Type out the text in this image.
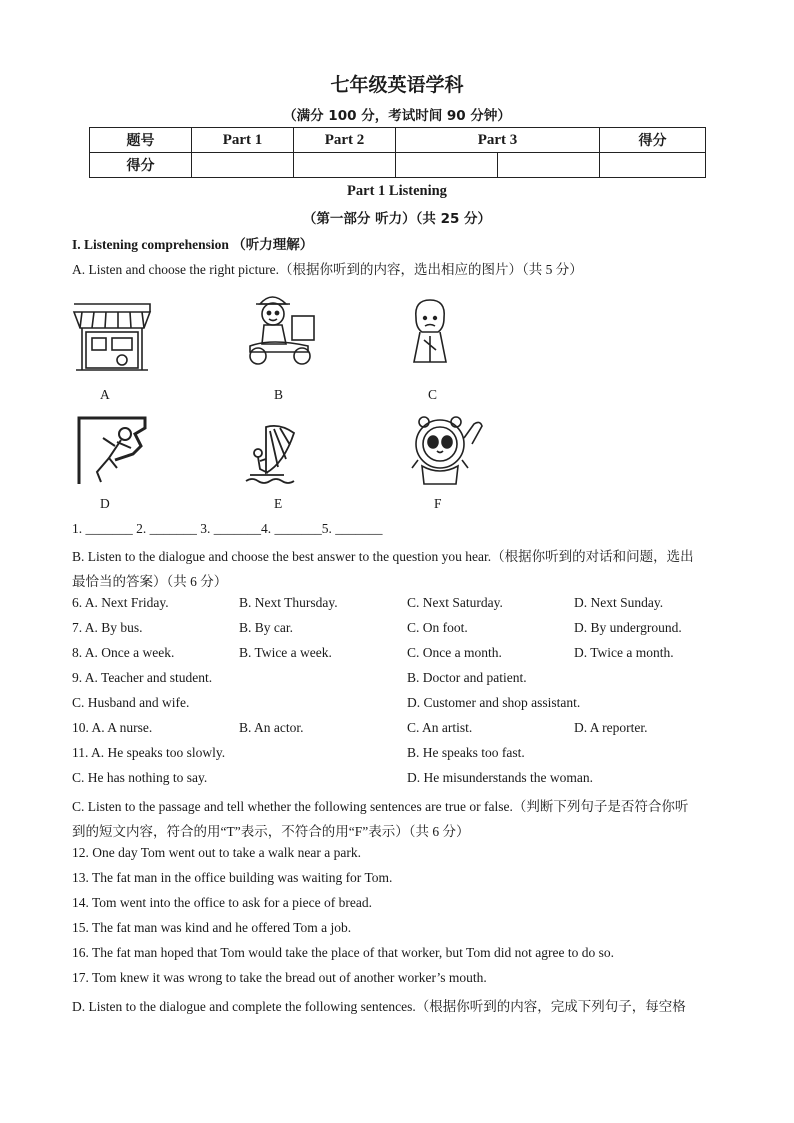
七年级英语学科
（满分 100 分，考试时间 90 分钟）
题号	Part 1	Part 2	Part 3		得分
得分					
Part 1 Listening
（第一部分 听力）（共 25 分）
I. Listening comprehension （听力理解）
A. Listen and choose the right picture.（根据你听到的内容，选出相应的图片）（共 5 分）
A	B	C
D	E	F
1. _______ 2. _______ 3. _______4. _______5. _______
B. Listen to the dialogue and choose the best answer to the question you hear.（根据你听到的对话和问题，选出
最恰当的答案）（共 6 分）
6. A. Next Friday.	B. Next Thursday.	C. Next Saturday.	D. Next Sunday.
7. A. By bus.	B. By car.	C. On foot.	D. By underground.
8. A. Once a week.	B. Twice a week.	C. Once a month.	D. Twice a month.
9. A. Teacher and student.	B. Doctor and patient.
C. Husband and wife.	D. Customer and shop assistant.
10. A. A nurse.	B. An actor.	C. An artist.	D. A reporter.
11. A. He speaks too slowly.	B. He speaks too fast.
C. He has nothing to say.	D. He misunderstands the woman.
C. Listen to the passage and tell whether the following sentences are true or false.（判断下列句子是否符合你听
到的短文内容，符合的用“T”表示，不符合的用“F”表示）（共 6 分）
12. One day Tom went out to take a walk near a park.
13. The fat man in the office building was waiting for Tom.
14. Tom went into the office to ask for a piece of bread.
15. The fat man was kind and he offered Tom a job.
16. The fat man hoped that Tom would take the place of that worker, but Tom did not agree to do so.
17. Tom knew it was wrong to take the bread out of another worker’s mouth.
D. Listen to the dialogue and complete the following sentences.（根据你听到的内容，完成下列句子，每空格
